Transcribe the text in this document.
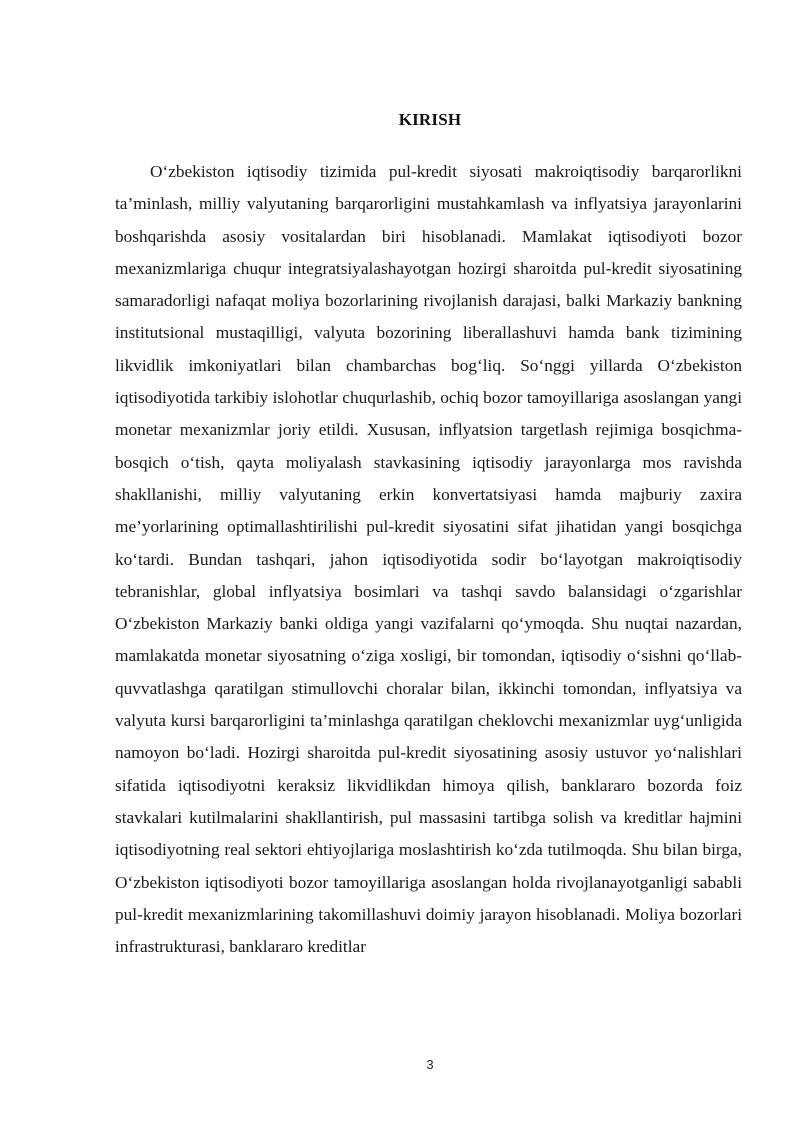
KIRISH

O‘zbekiston iqtisodiy tizimida pul-kredit siyosati makroiqtisodiy barqarorlikni ta’minlash, milliy valyutaning barqarorligini mustahkamlash va inflyatsiya jarayonlarini boshqarishda asosiy vositalardan biri hisoblanadi. Mamlakat iqtisodiyoti bozor mexanizmlariga chuqur integratsiyalashayotgan hozirgi sharoitda pul-kredit siyosatining samaradorligi nafaqat moliya bozorlarining rivojlanish darajasi, balki Markaziy bankning institutsional mustaqilligi, valyuta bozorining liberallashuvi hamda bank tizimining likvidlik imkoniyatlari bilan chambarchas bog‘liq. So‘nggi yillarda O‘zbekiston iqtisodiyotida tarkibiy islohotlar chuqurlashib, ochiq bozor tamoyillariga asoslangan yangi monetar mexanizmlar joriy etildi. Xususan, inflyatsion targetlash rejimiga bosqichma-bosqich o‘tish, qayta moliyalash stavkasining iqtisodiy jarayonlarga mos ravishda shakllanishi, milliy valyutaning erkin konvertatsiyasi hamda majburiy zaxira me’yorlarining optimallashtirilishi pul-kredit siyosatini sifat jihatidan yangi bosqichga ko‘tardi. Bundan tashqari, jahon iqtisodiyotida sodir bo‘layotgan makroiqtisodiy tebranishlar, global inflyatsiya bosimlari va tashqi savdo balansidagi o‘zgarishlar O‘zbekiston Markaziy banki oldiga yangi vazifalarni qo‘ymoqda. Shu nuqtai nazardan, mamlakatda monetar siyosatning o‘ziga xosligi, bir tomondan, iqtisodiy o‘sishni qo‘llab-quvvatlashga qaratilgan stimullovchi choralar bilan, ikkinchi tomondan, inflyatsiya va valyuta kursi barqarorligini ta’minlashga qaratilgan cheklovchi mexanizmlar uyg‘unligida namoyon bo‘ladi. Hozirgi sharoitda pul-kredit siyosatining asosiy ustuvor yo‘nalishlari sifatida iqtisodiyotni keraksiz likvidlikdan himoya qilish, banklararo bozorda foiz stavkalari kutilmalarini shakllantirish, pul massasini tartibga solish va kreditlar hajmini iqtisodiyotning real sektori ehtiyojlariga moslashtirish ko‘zda tutilmoqda. Shu bilan birga, O‘zbekiston iqtisodiyoti bozor tamoyillariga asoslangan holda rivojlanayotganligi sababli pul-kredit mexanizmlarining takomillashuvi doimiy jarayon hisoblanadi. Moliya bozorlari infrastrukturasi, banklararo kreditlar

3
